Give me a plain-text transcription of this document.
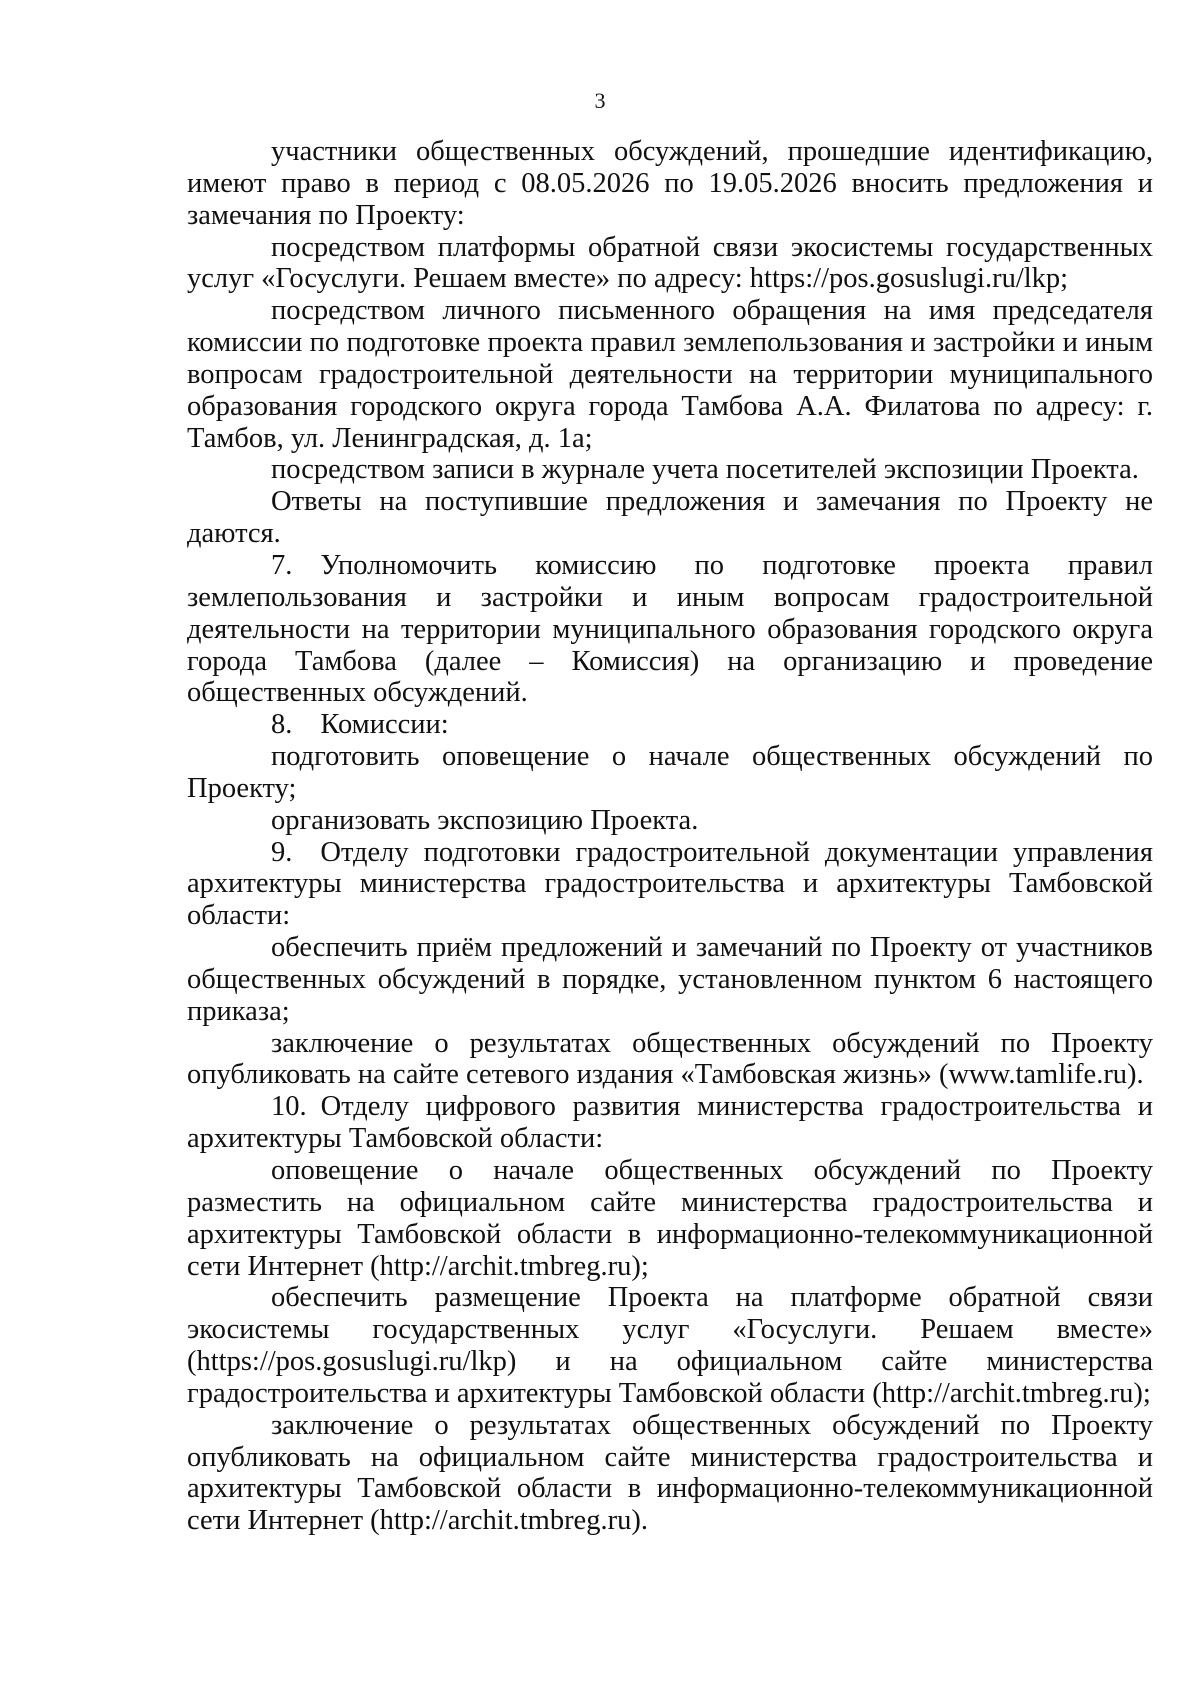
3

участники общественных обсуждений, прошедшие идентификацию, имеют право в период с 08.05.2026 по 19.05.2026 вносить предложения и замечания по Проекту:

посредством платформы обратной связи экосистемы государственных услуг «Госуслуги. Решаем вместе» по адресу: https://pos.gosuslugi.ru/lkp;

посредством личного письменного обращения на имя председателя комиссии по подготовке проекта правил землепользования и застройки и иным вопросам градостроительной деятельности на территории муниципального образования городского округа города Тамбова А.А. Филатова по адресу: г. Тамбов, ул. Ленинградская, д. 1а;

посредством записи в журнале учета посетителей экспозиции Проекта.

Ответы на поступившие предложения и замечания по Проекту не даются.

7. Уполномочить комиссию по подготовке проекта правил землепользования и застройки и иным вопросам градостроительной деятельности на территории муниципального образования городского округа города Тамбова (далее – Комиссия) на организацию и проведение общественных обсуждений.

8. Комиссии:

подготовить оповещение о начале общественных обсуждений по Проекту;

организовать экспозицию Проекта.

9. Отделу подготовки градостроительной документации управления архитектуры министерства градостроительства и архитектуры Тамбовской области:

обеспечить приём предложений и замечаний по Проекту от участников общественных обсуждений в порядке, установленном пунктом 6 настоящего приказа;

заключение о результатах общественных обсуждений по Проекту опубликовать на сайте сетевого издания «Тамбовская жизнь» (www.tamlife.ru).

10. Отделу цифрового развития министерства градостроительства и архитектуры Тамбовской области:

оповещение о начале общественных обсуждений по Проекту разместить на официальном сайте министерства градостроительства и архитектуры Тамбовской области в информационно-телекоммуникационной сети Интернет (http://archit.tmbreg.ru);

обеспечить размещение Проекта на платформе обратной связи экосистемы государственных услуг «Госуслуги. Решаем вместе» (https://pos.gosuslugi.ru/lkp) и на официальном сайте министерства градостроительства и архитектуры Тамбовской области (http://archit.tmbreg.ru);

заключение о результатах общественных обсуждений по Проекту опубликовать на официальном сайте министерства градостроительства и архитектуры Тамбовской области в информационно-телекоммуникационной сети Интернет (http://archit.tmbreg.ru).
